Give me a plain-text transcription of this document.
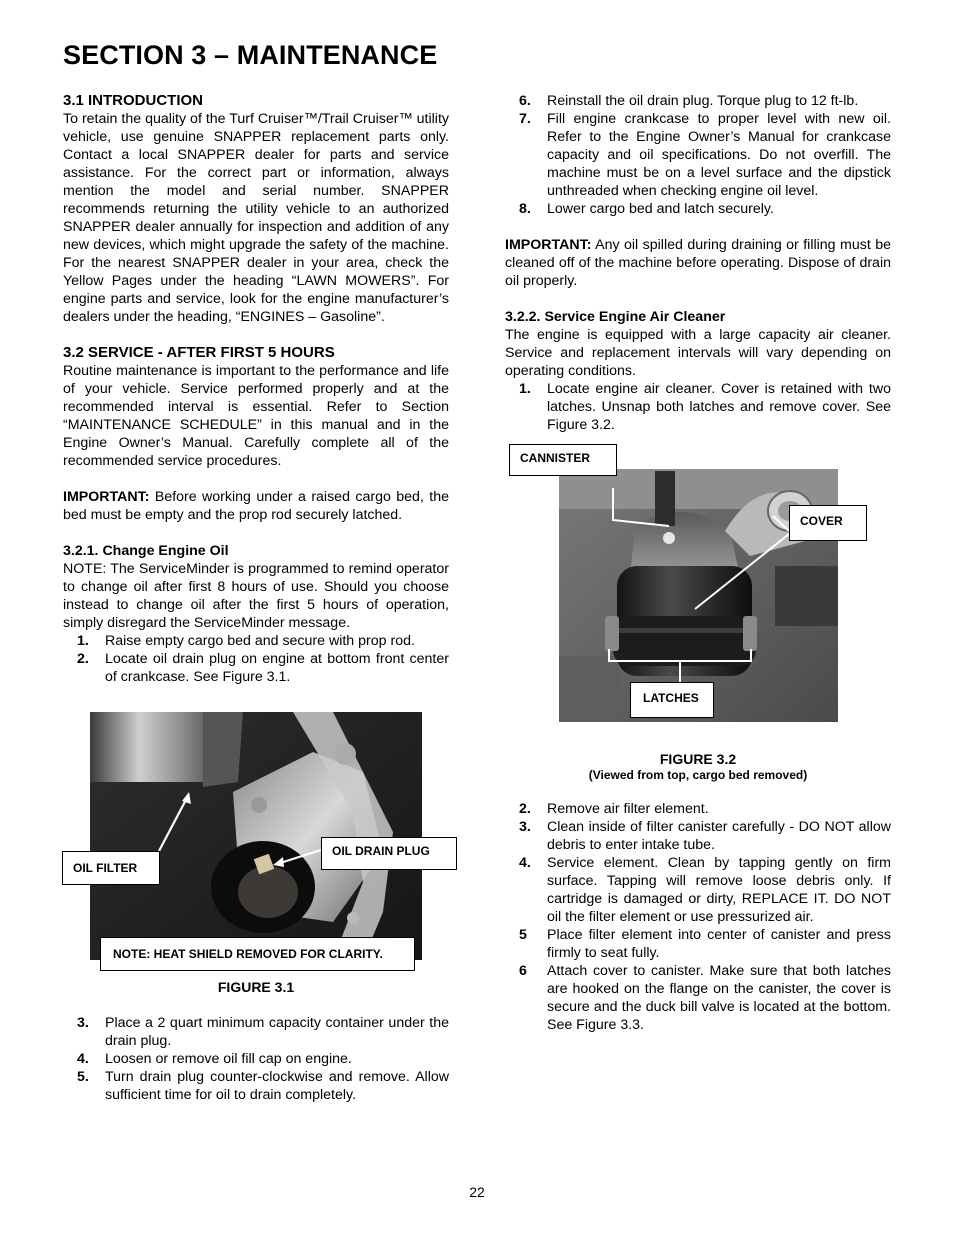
SECTION 3 – MAINTENANCE
3.1 INTRODUCTION

To retain the quality of the Turf Cruiser™/Trail Cruiser™ utility vehicle, use genuine SNAPPER replacement parts only. Contact a local SNAPPER dealer for parts and service assistance. For the correct part or information, always mention the model and serial number. SNAPPER recommends returning the utility vehicle to an authorized SNAPPER dealer annually for inspection and addition of any new devices, which might upgrade the safety of the machine. For the nearest SNAPPER dealer in your area, check the Yellow Pages under the heading “LAWN MOWERS”. For engine parts and service, look for the engine manufacturer’s dealers under the heading, “ENGINES – Gasoline”.

3.2 SERVICE - AFTER FIRST 5 HOURS

Routine maintenance is important to the performance and life of your vehicle. Service performed properly and at the recommended interval is essential. Refer to Section “MAINTENANCE SCHEDULE” in this manual and in the Engine Owner’s Manual. Carefully complete all of the recommended service procedures.

IMPORTANT: Before working under a raised cargo bed, the bed must be empty and the prop rod securely latched.

3.2.1. Change Engine Oil

NOTE: The ServiceMinder is programmed to remind operator to change oil after first 8 hours of use. Should you choose instead to change oil after the first 5 hours of operation, simply disregard the ServiceMinder message.

1. Raise empty cargo bed and secure with prop rod.
2. Locate oil drain plug on engine at bottom front center of crankcase. See Figure 3.1.
OIL FILTER
OIL DRAIN PLUG
NOTE: HEAT SHIELD REMOVED FOR CLARITY.
FIGURE 3.1
3. Place a 2 quart minimum capacity container under the drain plug.
4. Loosen or remove oil fill cap on engine.
5. Turn drain plug counter-clockwise and remove. Allow sufficient time for oil to drain completely.
6. Reinstall the oil drain plug. Torque plug to 12 ft-lb.
7. Fill engine crankcase to proper level with new oil. Refer to the Engine Owner’s Manual for crankcase capacity and oil specifications. Do not overfill. The machine must be on a level surface and the dipstick unthreaded when checking engine oil level.
8. Lower cargo bed and latch securely.

IMPORTANT: Any oil spilled during draining or filling must be cleaned off of the machine before operating. Dispose of drain oil properly.

3.2.2. Service Engine Air Cleaner

The engine is equipped with a large capacity air cleaner. Service and replacement intervals will vary depending on operating conditions.

1. Locate engine air cleaner. Cover is retained with two latches. Unsnap both latches and remove cover. See Figure 3.2.
CANNISTER
COVER
LATCHES
FIGURE 3.2
(Viewed from top, cargo bed removed)
2. Remove air filter element.
3. Clean inside of filter canister carefully - DO NOT allow debris to enter intake tube.
4. Service element. Clean by tapping gently on firm surface. Tapping will remove loose debris only. If cartridge is damaged or dirty, REPLACE IT. DO NOT oil the filter element or use pressurized air.
5 Place filter element into center of canister and press firmly to seat fully.
6 Attach cover to canister. Make sure that both latches are hooked on the flange on the canister, the cover is secure and the duck bill valve is located at the bottom. See Figure 3.3.
22
